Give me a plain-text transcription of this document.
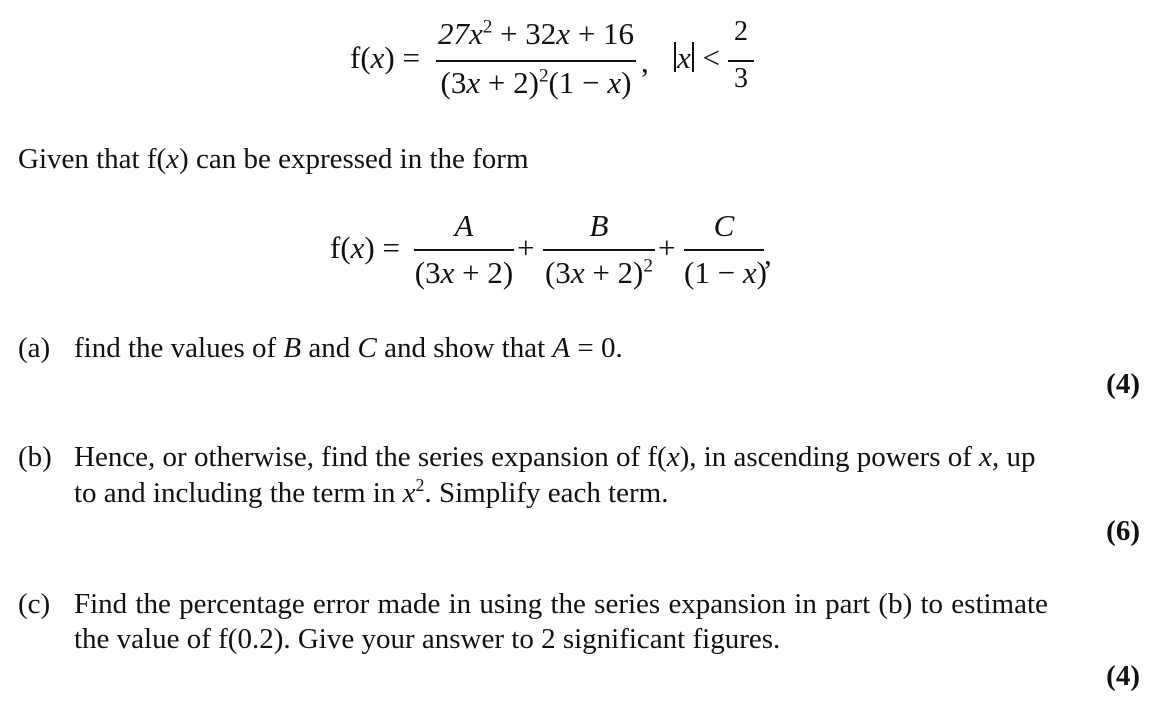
f(x) =
$27x^2 + 32x + 16$
$(3x + 2)^2(1 - x)$
, x <
2
3
Given that f(x) can be expressed in the form
f(x) =
A
(3x + 2)
+
B
$(3x + 2)^2$
+
C
(1 − x)
,
(a) find the values of B and C and show that A = 0.
(4)
(b) Hence, or otherwise, find the series expansion of f(x), in ascending powers of x, up
to and including the term in $x^2$. Simplify each term.
(6)
(c) Find the percentage error made in using the series expansion in part (b) to estimate
the value of f(0.2). Give your answer to 2 significant figures.
(4)
